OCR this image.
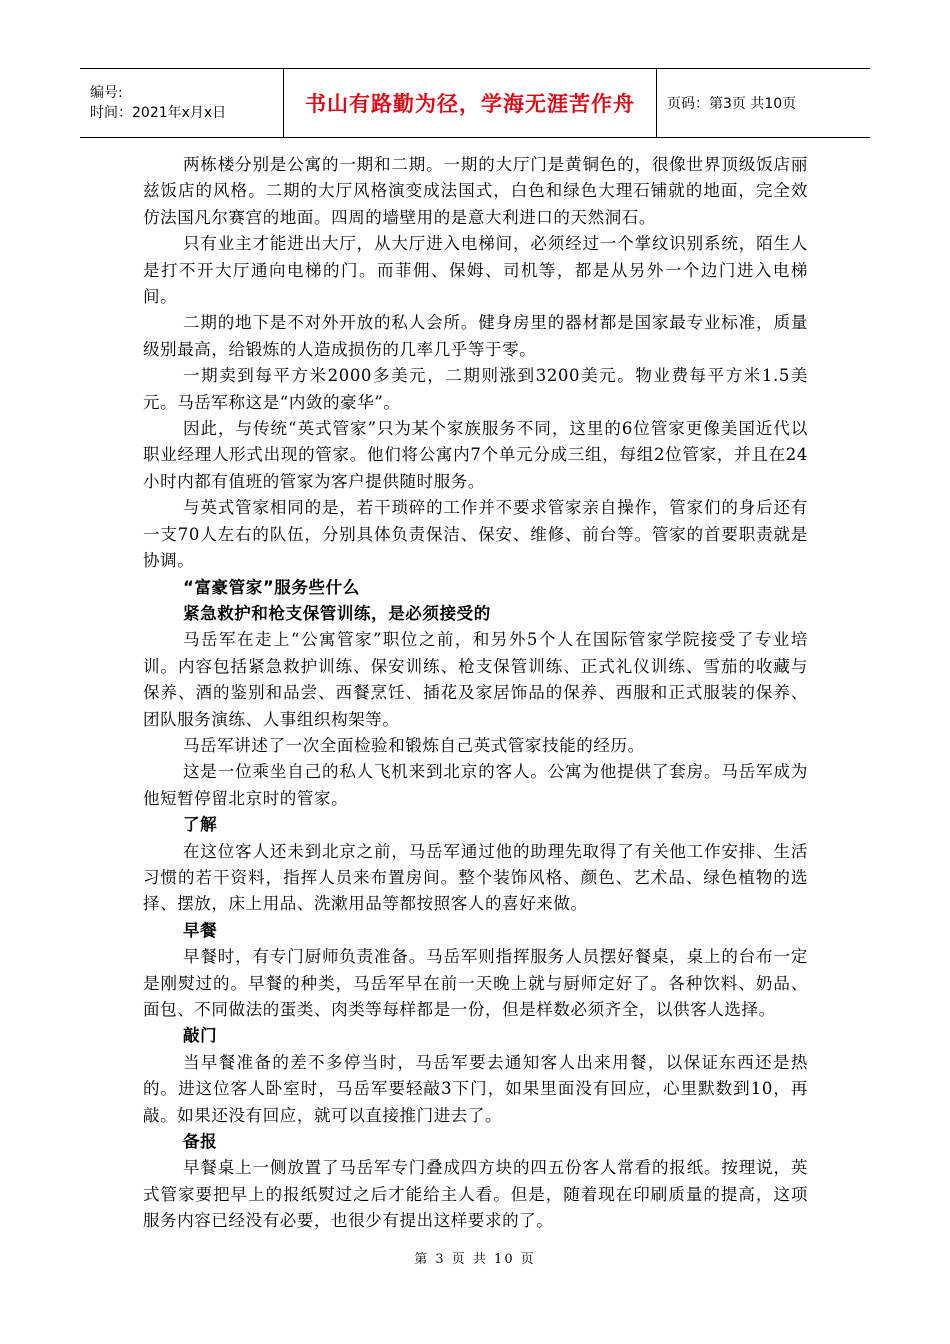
编号:
时间：2021年x月x日	书山有路勤为径，学海无涯苦作舟	页码：第3页 共10页

两栋楼分别是公寓的一期和二期。一期的大厅门是黄铜色的，很像世界顶级饭店丽兹饭店的风格。二期的大厅风格演变成法国式，白色和绿色大理石铺就的地面，完全效仿法国凡尔赛宫的地面。四周的墙壁用的是意大利进口的天然洞石。

只有业主才能进出大厅，从大厅进入电梯间，必须经过一个掌纹识别系统，陌生人是打不开大厅通向电梯的门。而菲佣、保姆、司机等，都是从另外一个边门进入电梯间。

二期的地下是不对外开放的私人会所。健身房里的器材都是国家最专业标准，质量级别最高，给锻炼的人造成损伤的几率几乎等于零。

一期卖到每平方米2000多美元，二期则涨到3200美元。物业费每平方米1.5美元。马岳军称这是“内敛的豪华”。

因此，与传统“英式管家”只为某个家族服务不同，这里的6位管家更像美国近代以职业经理人形式出现的管家。他们将公寓内7个单元分成三组，每组2位管家，并且在24小时内都有值班的管家为客户提供随时服务。

与英式管家相同的是，若干琐碎的工作并不要求管家亲自操作，管家们的身后还有一支70人左右的队伍，分别具体负责保洁、保安、维修、前台等。管家的首要职责就是协调。

“富豪管家”服务些什么

紧急救护和枪支保管训练，是必须接受的

马岳军在走上“公寓管家”职位之前，和另外5个人在国际管家学院接受了专业培训。内容包括紧急救护训练、保安训练、枪支保管训练、正式礼仪训练、雪茄的收藏与保养、酒的鉴别和品尝、西餐烹饪、插花及家居饰品的保养、西服和正式服装的保养、团队服务演练、人事组织构架等。

马岳军讲述了一次全面检验和锻炼自己英式管家技能的经历。

这是一位乘坐自己的私人飞机来到北京的客人。公寓为他提供了套房。马岳军成为他短暂停留北京时的管家。

了解

在这位客人还未到北京之前，马岳军通过他的助理先取得了有关他工作安排、生活习惯的若干资料，指挥人员来布置房间。整个装饰风格、颜色、艺术品、绿色植物的选择、摆放，床上用品、洗漱用品等都按照客人的喜好来做。

早餐

早餐时，有专门厨师负责准备。马岳军则指挥服务人员摆好餐桌，桌上的台布一定是刚熨过的。早餐的种类，马岳军早在前一天晚上就与厨师定好了。各种饮料、奶品、面包、不同做法的蛋类、肉类等每样都是一份，但是样数必须齐全，以供客人选择。

敲门

当早餐准备的差不多停当时，马岳军要去通知客人出来用餐，以保证东西还是热的。进这位客人卧室时，马岳军要轻敲3下门，如果里面没有回应，心里默数到10，再敲。如果还没有回应，就可以直接推门进去了。

备报

早餐桌上一侧放置了马岳军专门叠成四方块的四五份客人常看的报纸。按理说，英式管家要把早上的报纸熨过之后才能给主人看。但是，随着现在印刷质量的提高，这项服务内容已经没有必要，也很少有提出这样要求的了。

第 3 页 共 10 页
